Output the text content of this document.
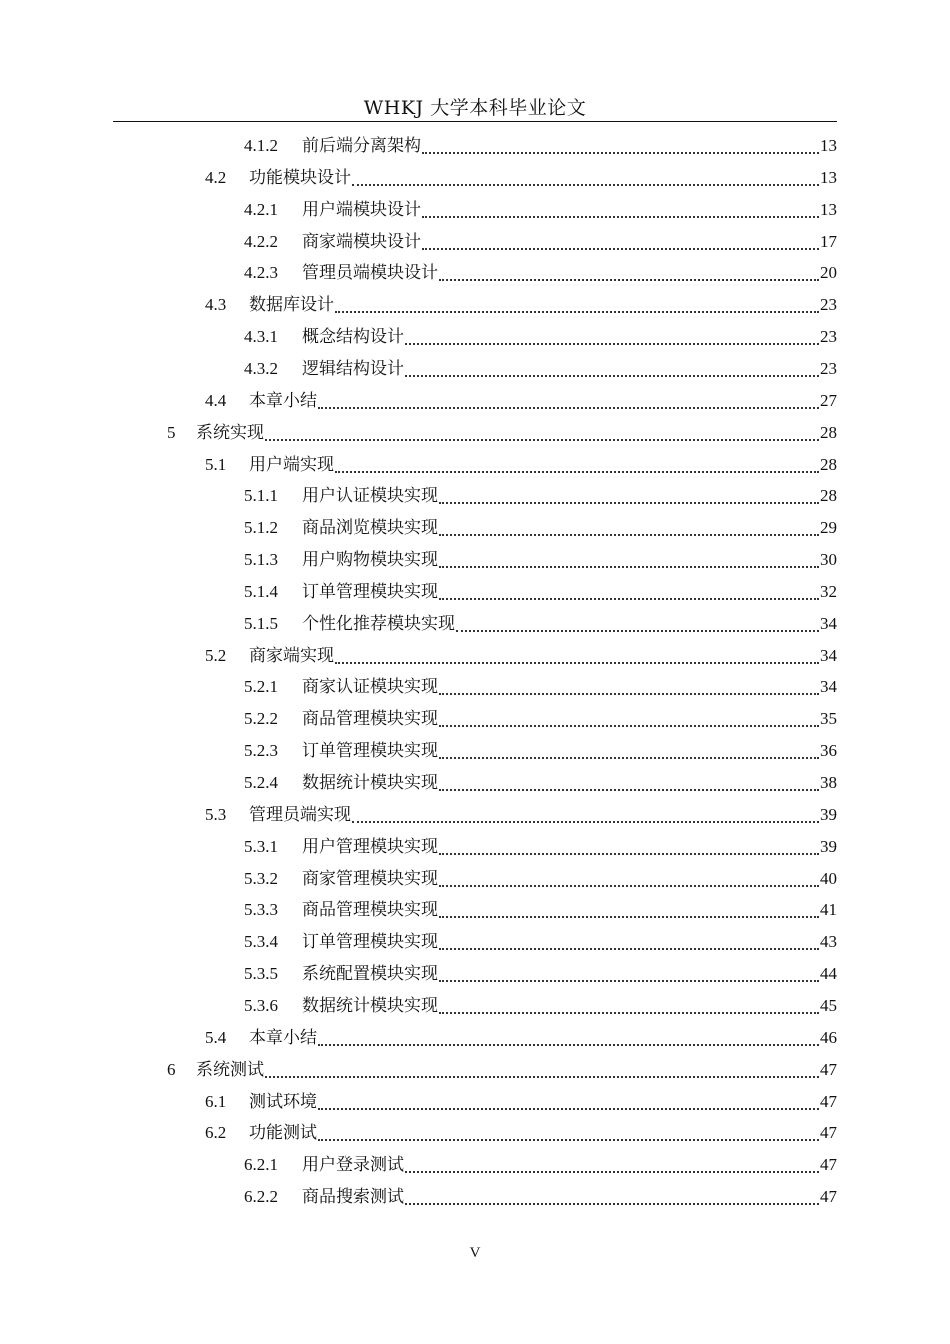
WHKJ 大学本科毕业论文
4.1.2	前后端分离架构	13
4.2	功能模块设计	13
4.2.1	用户端模块设计	13
4.2.2	商家端模块设计	17
4.2.3	管理员端模块设计	20
4.3	数据库设计	23
4.3.1	概念结构设计	23
4.3.2	逻辑结构设计	23
4.4	本章小结	27
5	系统实现	28
5.1	用户端实现	28
5.1.1	用户认证模块实现	28
5.1.2	商品浏览模块实现	29
5.1.3	用户购物模块实现	30
5.1.4	订单管理模块实现	32
5.1.5	个性化推荐模块实现	34
5.2	商家端实现	34
5.2.1	商家认证模块实现	34
5.2.2	商品管理模块实现	35
5.2.3	订单管理模块实现	36
5.2.4	数据统计模块实现	38
5.3	管理员端实现	39
5.3.1	用户管理模块实现	39
5.3.2	商家管理模块实现	40
5.3.3	商品管理模块实现	41
5.3.4	订单管理模块实现	43
5.3.5	系统配置模块实现	44
5.3.6	数据统计模块实现	45
5.4	本章小结	46
6	系统测试	47
6.1	测试环境	47
6.2	功能测试	47
6.2.1	用户登录测试	47
6.2.2	商品搜索测试	47
V
